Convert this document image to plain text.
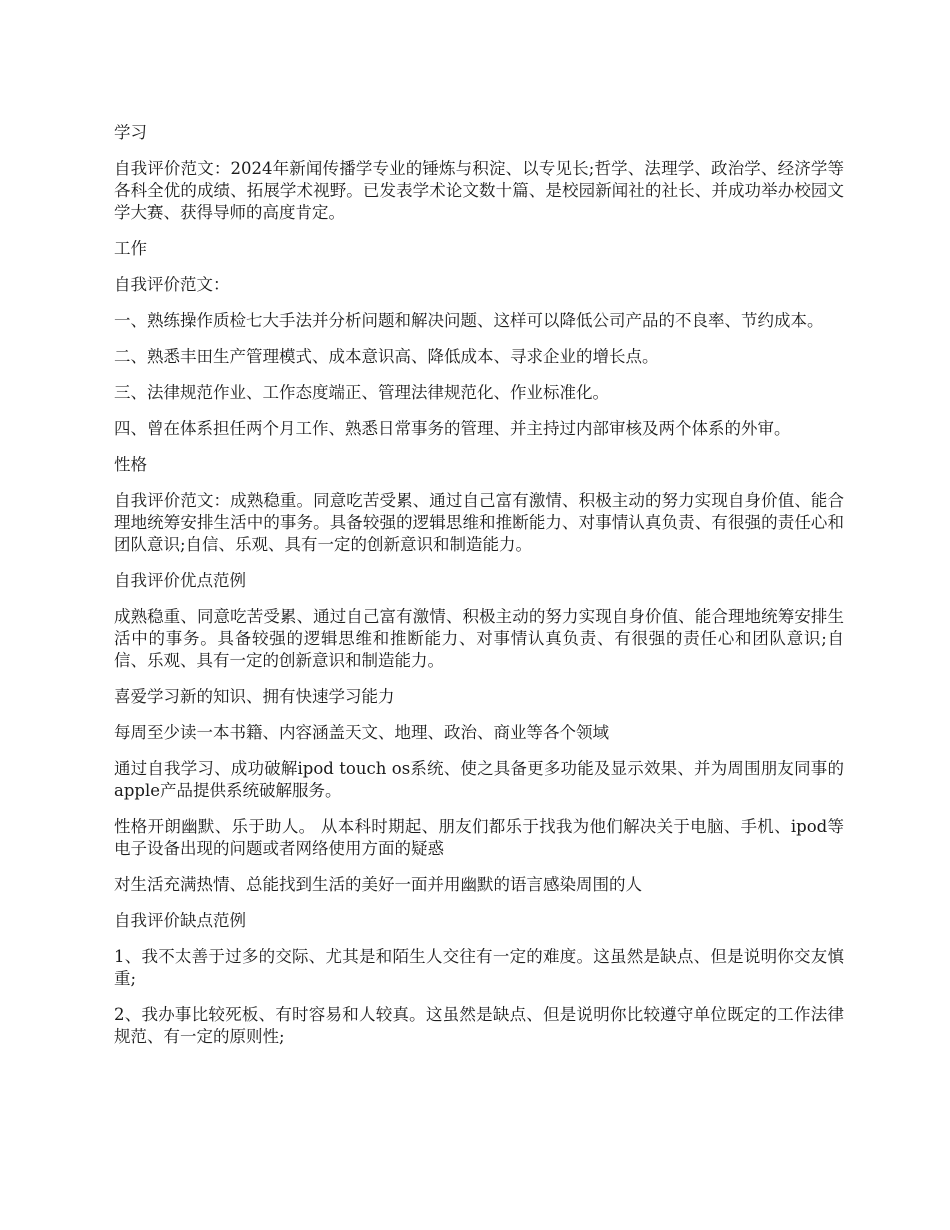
学习

自我评价范文：2024年新闻传播学专业的锤炼与积淀、以专见长;哲学、法理学、政治学、经济学等各科全优的成绩、拓展学术视野。已发表学术论文数十篇、是校园新闻社的社长、并成功举办校园文学大赛、获得导师的高度肯定。

工作

自我评价范文：

一、熟练操作质检七大手法并分析问题和解决问题、这样可以降低公司产品的不良率、节约成本。

二、熟悉丰田生产管理模式、成本意识高、降低成本、寻求企业的增长点。

三、法律规范作业、工作态度端正、管理法律规范化、作业标准化。

四、曾在体系担任两个月工作、熟悉日常事务的管理、并主持过内部审核及两个体系的外审。

性格

自我评价范文：成熟稳重。同意吃苦受累、通过自己富有激情、积极主动的努力实现自身价值、能合理地统筹安排生活中的事务。具备较强的逻辑思维和推断能力、对事情认真负责、有很强的责任心和团队意识;自信、乐观、具有一定的创新意识和制造能力。

自我评价优点范例

成熟稳重、同意吃苦受累、通过自己富有激情、积极主动的努力实现自身价值、能合理地统筹安排生活中的事务。具备较强的逻辑思维和推断能力、对事情认真负责、有很强的责任心和团队意识;自信、乐观、具有一定的创新意识和制造能力。

喜爱学习新的知识、拥有快速学习能力

每周至少读一本书籍、内容涵盖天文、地理、政治、商业等各个领域

通过自我学习、成功破解ipod touch os系统、使之具备更多功能及显示效果、并为周围朋友同事的apple产品提供系统破解服务。

性格开朗幽默、乐于助人。 从本科时期起、朋友们都乐于找我为他们解决关于电脑、手机、ipod等电子设备出现的问题或者网络使用方面的疑惑

对生活充满热情、总能找到生活的美好一面并用幽默的语言感染周围的人

自我评价缺点范例

1、我不太善于过多的交际、尤其是和陌生人交往有一定的难度。这虽然是缺点、但是说明你交友慎重;

2、我办事比较死板、有时容易和人较真。这虽然是缺点、但是说明你比较遵守单位既定的工作法律规范、有一定的原则性;
